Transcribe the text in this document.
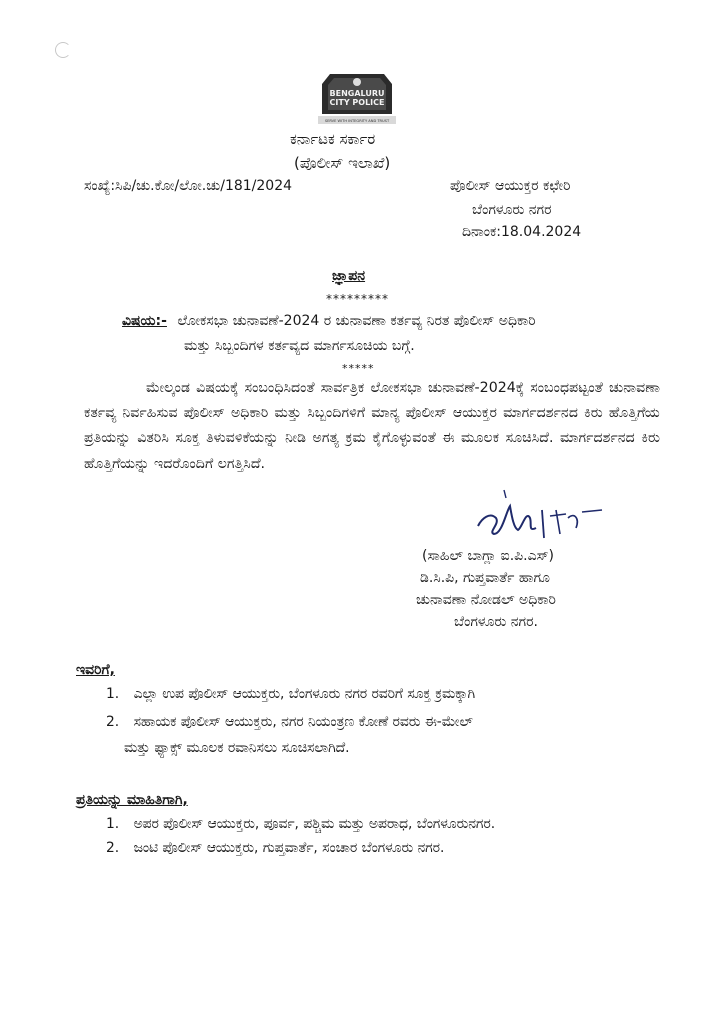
BENGALURU
CITY POLICE
SERVE WITH INTEGRITY AND TRUST
ಕರ್ನಾಟಕ ಸರ್ಕಾರ
(ಪೊಲೀಸ್ ಇಲಾಖೆ)
ಸಂಖ್ಯೆ:ಸಿಪಿ/ಚು.ಕೋ/ಲೋ.ಚು/181/2024	ಪೊಲೀಸ್ ಆಯುಕ್ತರ ಕಛೇರಿ
ಬೆಂಗಳೂರು ನಗರ
ದಿನಾಂಕ:18.04.2024
ಜ್ಞಾಪನ
*********
ವಿಷಯ:- ಲೋಕಸಭಾ ಚುನಾವಣೆ-2024 ರ ಚುನಾವಣಾ ಕರ್ತವ್ಯ ನಿರತ ಪೊಲೀಸ್ ಅಧಿಕಾರಿ
ಮತ್ತು ಸಿಬ್ಬಂದಿಗಳ ಕರ್ತವ್ಯದ ಮಾರ್ಗಸೂಚಿಯ ಬಗ್ಗೆ.
*****
ಮೇಲ್ಕಂಡ ವಿಷಯಕ್ಕೆ ಸಂಬಂಧಿಸಿದಂತೆ ಸಾರ್ವತ್ರಿಕ ಲೋಕಸಭಾ ಚುನಾವಣೆ-2024ಕ್ಕೆ ಸಂಬಂಧಪಟ್ಟಂತೆ ಚುನಾವಣಾ ಕರ್ತವ್ಯ ನಿರ್ವಹಿಸುವ ಪೊಲೀಸ್ ಅಧಿಕಾರಿ ಮತ್ತು ಸಿಬ್ಬಂದಿಗಳಿಗೆ ಮಾನ್ಯ ಪೊಲೀಸ್ ಆಯುಕ್ತರ ಮಾರ್ಗದರ್ಶನದ ಕಿರು ಹೊತ್ತಿಗೆಯ ಪ್ರತಿಯನ್ನು ವಿತರಿಸಿ ಸೂಕ್ತ ತಿಳುವಳಿಕೆಯನ್ನು ನೀಡಿ ಅಗತ್ಯ ಕ್ರಮ ಕೈಗೊಳ್ಳುವಂತೆ ಈ ಮೂಲಕ ಸೂಚಿಸಿದೆ. ಮಾರ್ಗದರ್ಶನದ ಕಿರು ಹೊತ್ತಿಗೆಯನ್ನು ಇದರೊಂದಿಗೆ ಲಗತ್ತಿಸಿದೆ.
(ಸಾಹಿಲ್ ಬಾಗ್ಲಾ ಐ.ಪಿ.ಎಸ್)
ಡಿ.ಸಿ.ಪಿ, ಗುಪ್ತವಾರ್ತೆ ಹಾಗೂ
ಚುನಾವಣಾ ನೋಡಲ್ ಅಧಿಕಾರಿ
ಬೆಂಗಳೂರು ನಗರ.
ಇವರಿಗೆ,
1. ಎಲ್ಲಾ ಉಪ ಪೊಲೀಸ್ ಆಯುಕ್ತರು, ಬೆಂಗಳೂರು ನಗರ ರವರಿಗೆ ಸೂಕ್ತ ಕ್ರಮಕ್ಕಾಗಿ
2. ಸಹಾಯಕ ಪೊಲೀಸ್ ಆಯುಕ್ತರು, ನಗರ ನಿಯಂತ್ರಣ ಕೋಣೆ ರವರು ಈ-ಮೇಲ್
ಮತ್ತು ಫ್ಯಾಕ್ಸ್ ಮೂಲಕ ರವಾನಿಸಲು ಸೂಚಿಸಲಾಗಿದೆ.
ಪ್ರತಿಯನ್ನು ಮಾಹಿತಿಗಾಗಿ,
1. ಅಪರ ಪೊಲೀಸ್ ಆಯುಕ್ತರು, ಪೂರ್ವ, ಪಶ್ಚಿಮ ಮತ್ತು ಅಪರಾಧ, ಬೆಂಗಳೂರುನಗರ.
2. ಜಂಟಿ ಪೊಲೀಸ್ ಆಯುಕ್ತರು, ಗುಪ್ತವಾರ್ತೆ, ಸಂಚಾರ ಬೆಂಗಳೂರು ನಗರ.
